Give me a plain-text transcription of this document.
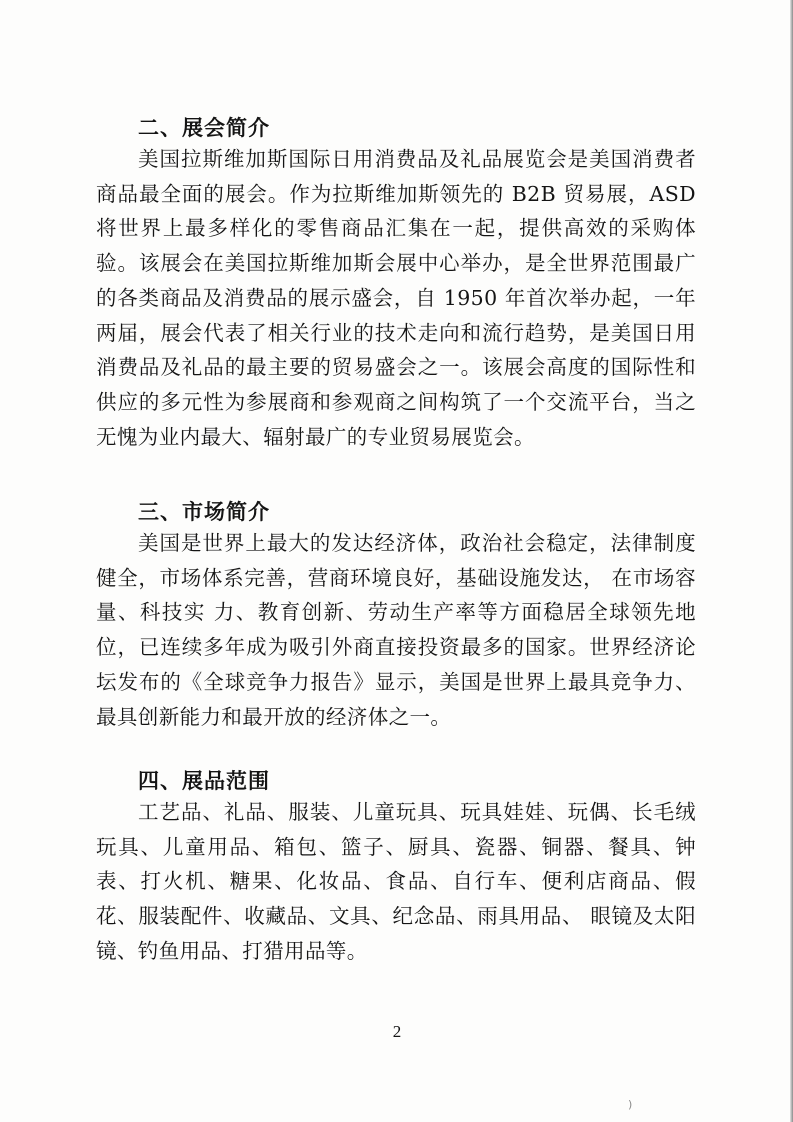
二、展会简介
美国拉斯维加斯国际日用消费品及礼品展览会是美国消费者商品最全面的展会。作为拉斯维加斯领先的 B2B 贸易展，ASD 将世界上最多样化的零售商品汇集在一起，提供高效的采购体验。该展会在美国拉斯维加斯会展中心举办，是全世界范围最广的各类商品及消费品的展示盛会，自 1950 年首次举办起，一年两届，展会代表了相关行业的技术走向和流行趋势，是美国日用消费品及礼品的最主要的贸易盛会之一。该展会高度的国际性和供应的多元性为参展商和参观商之间构筑了一个交流平台，当之无愧为业内最大、辐射最广的专业贸易展览会。
三、市场简介
美国是世界上最大的发达经济体，政治社会稳定，法律制度健全，市场体系完善，营商环境良好，基础设施发达， 在市场容量、科技实 力、教育创新、劳动生产率等方面稳居全球领先地位，已连续多年成为吸引外商直接投资最多的国家。世界经济论坛发布的《全球竞争力报告》显示，美国是世界上最具竞争力、最具创新能力和最开放的经济体之一。
四、展品范围
工艺品、礼品、服装、儿童玩具、玩具娃娃、玩偶、长毛绒玩具、儿童用品、箱包、篮子、厨具、瓷器、铜器、餐具、钟表、打火机、糖果、化妆品、食品、自行车、便利店商品、假花、服装配件、收藏品、文具、纪念品、雨具用品、 眼镜及太阳镜、钓鱼用品、打猎用品等。
2
)
